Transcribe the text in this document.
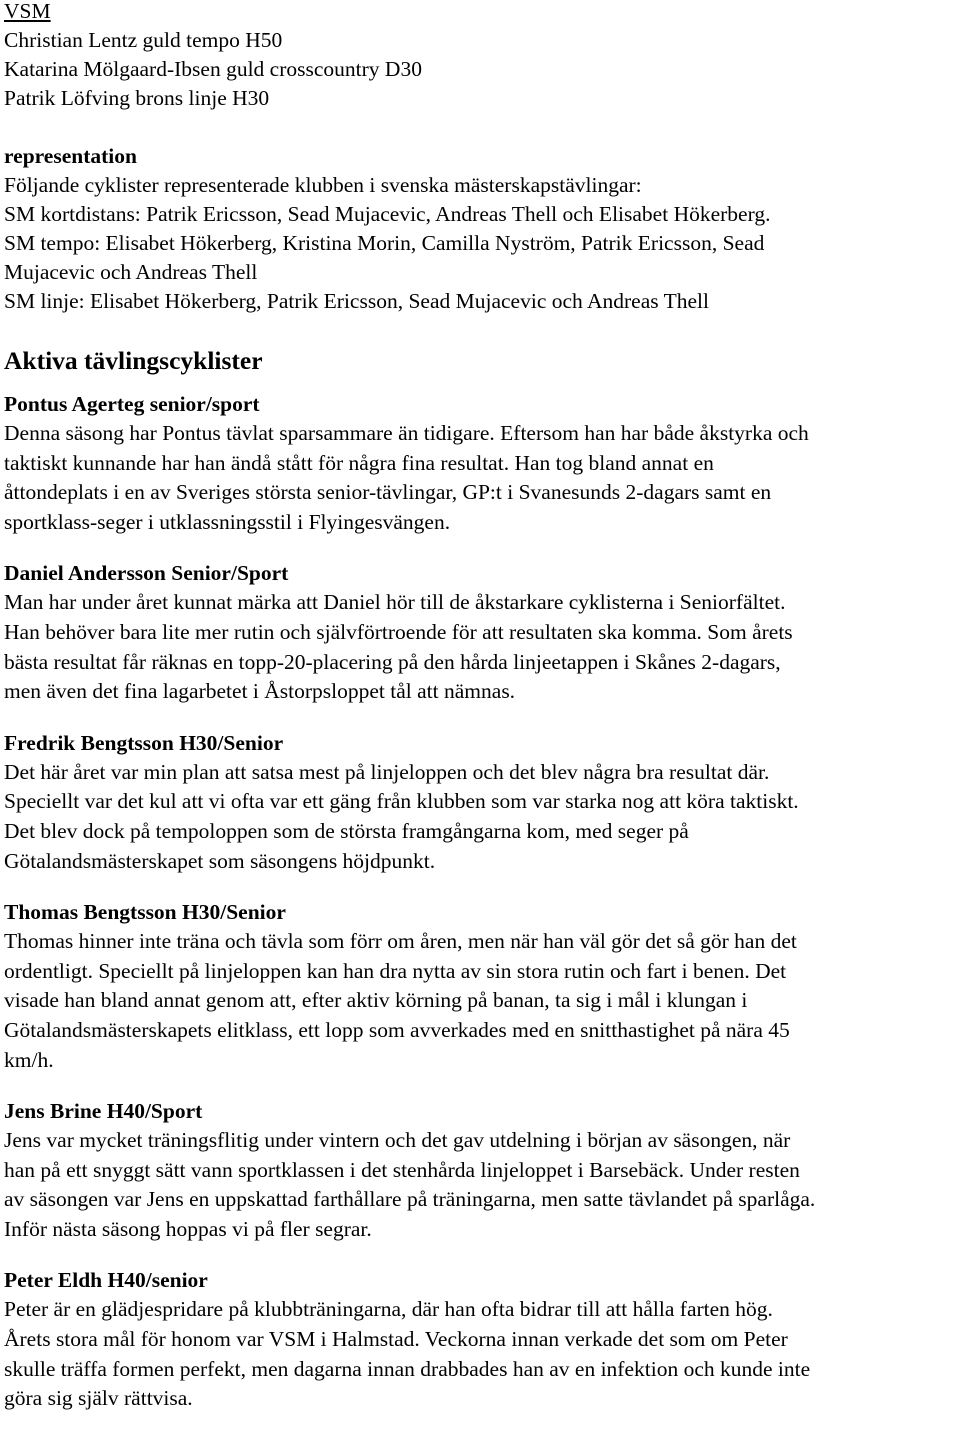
VSM
Christian Lentz guld tempo H50
Katarina Mölgaard-Ibsen guld crosscountry D30
Patrik Löfving brons linje H30
representation
Följande cyklister representerade klubben i svenska mästerskapstävlingar:
SM kortdistans: Patrik Ericsson, Sead Mujacevic, Andreas Thell och Elisabet Hökerberg.
SM tempo: Elisabet Hökerberg, Kristina Morin, Camilla Nyström, Patrik Ericsson, Sead
Mujacevic och Andreas Thell
SM linje: Elisabet Hökerberg, Patrik Ericsson, Sead Mujacevic och Andreas Thell
Aktiva tävlingscyklister
Pontus Agerteg senior/sport
Denna säsong har Pontus tävlat sparsammare än tidigare. Eftersom han har både åkstyrka och
taktiskt kunnande har han ändå stått för några fina resultat. Han tog bland annat en
åttondeplats i en av Sveriges största senior-tävlingar, GP:t i Svanesunds 2-dagars samt en
sportklass-seger i utklassningsstil i Flyingesvängen.
Daniel Andersson Senior/Sport
Man har under året kunnat märka att Daniel hör till de åkstarkare cyklisterna i Seniorfältet.
Han behöver bara lite mer rutin och självförtroende för att resultaten ska komma. Som årets
bästa resultat får räknas en topp-20-placering på den hårda linjeetappen i Skånes 2-dagars,
men även det fina lagarbetet i Åstorpsloppet tål att nämnas.
Fredrik Bengtsson H30/Senior
Det här året var min plan att satsa mest på linjeloppen och det blev några bra resultat där.
Speciellt var det kul att vi ofta var ett gäng från klubben som var starka nog att köra taktiskt.
Det blev dock på tempoloppen som de största framgångarna kom, med seger på
Götalandsmästerskapet som säsongens höjdpunkt.
Thomas Bengtsson H30/Senior
Thomas hinner inte träna och tävla som förr om åren, men när han väl gör det så gör han det
ordentligt. Speciellt på linjeloppen kan han dra nytta av sin stora rutin och fart i benen. Det
visade han bland annat genom att, efter aktiv körning på banan, ta sig i mål i klungan i
Götalandsmästerskapets elitklass, ett lopp som avverkades med en snitthastighet på nära 45
km/h.
Jens Brine H40/Sport
Jens var mycket träningsflitig under vintern och det gav utdelning i början av säsongen, när
han på ett snyggt sätt vann sportklassen i det stenhårda linjeloppet i Barsebäck. Under resten
av säsongen var Jens en uppskattad farthållare på träningarna, men satte tävlandet på sparlåga.
Inför nästa säsong hoppas vi på fler segrar.
Peter Eldh H40/senior
Peter är en glädjespridare på klubbträningarna, där han ofta bidrar till att hålla farten hög.
Årets stora mål för honom var VSM i Halmstad. Veckorna innan verkade det som om Peter
skulle träffa formen perfekt, men dagarna innan drabbades han av en infektion och kunde inte
göra sig själv rättvisa.
